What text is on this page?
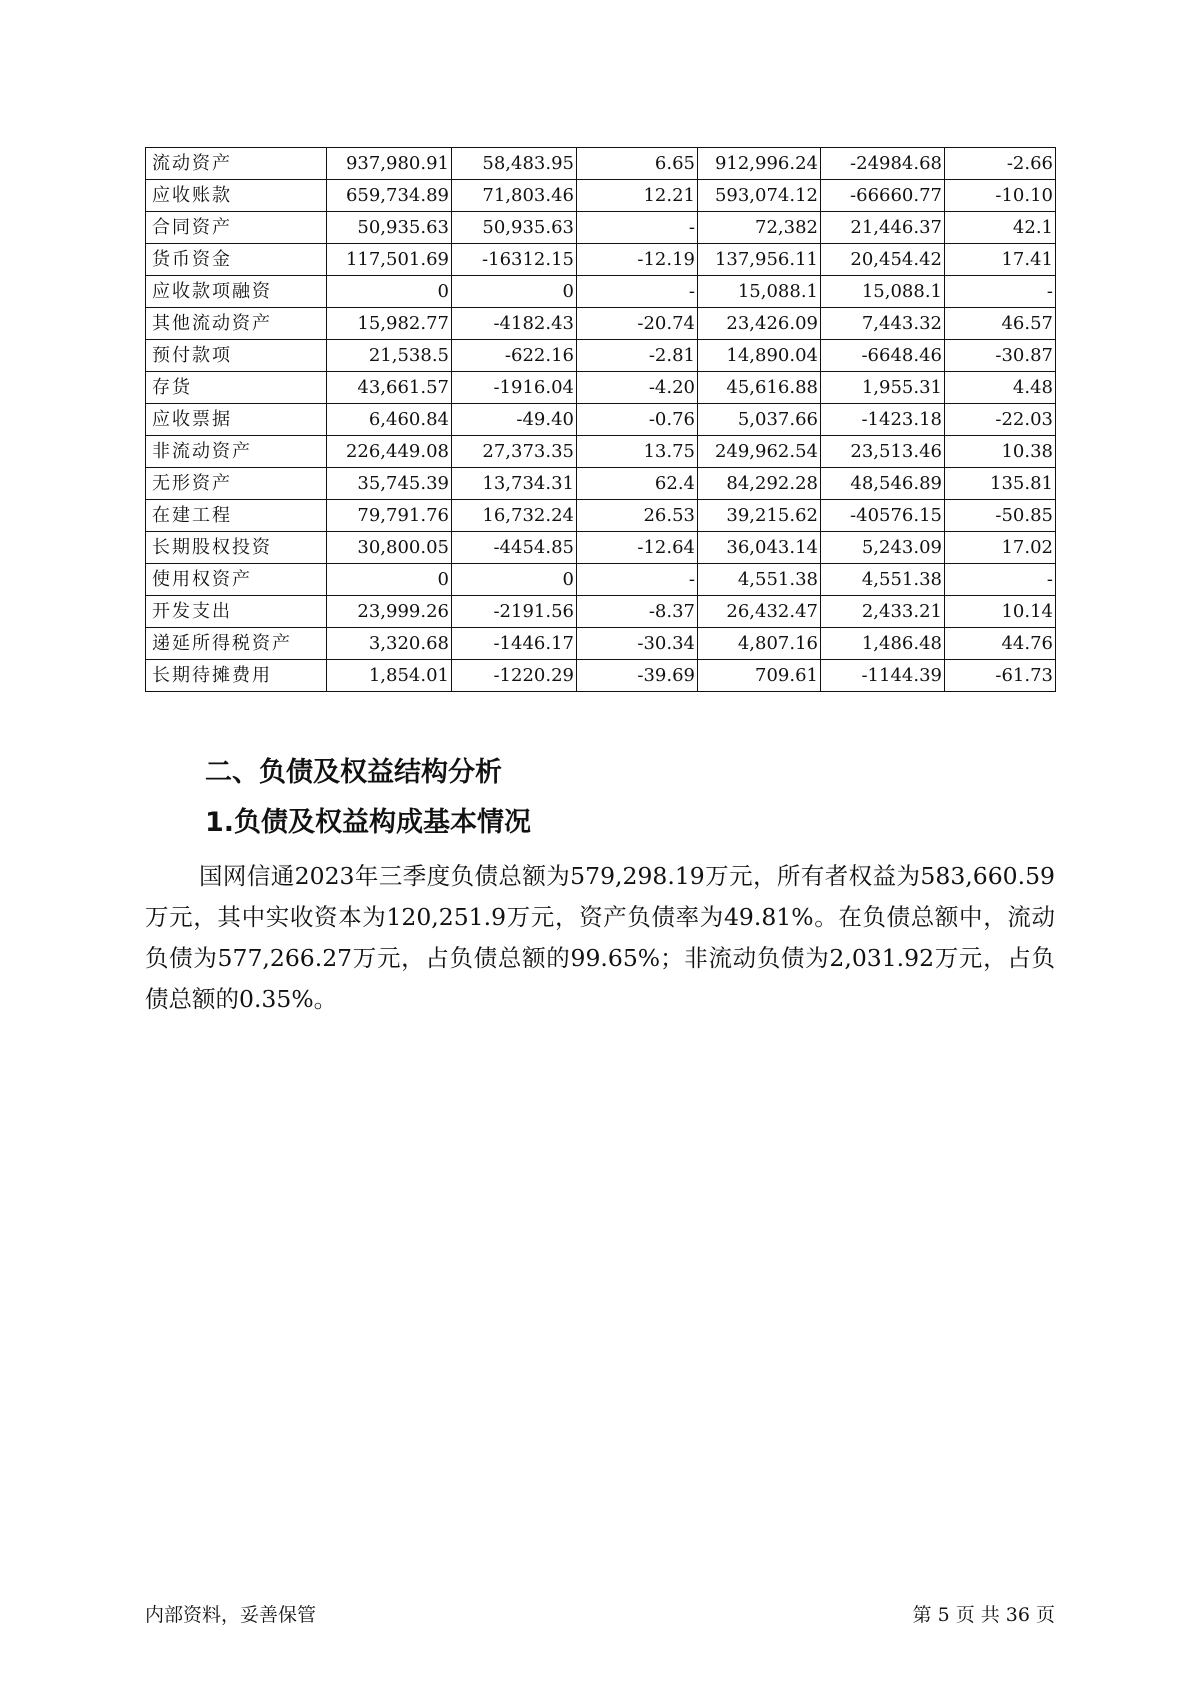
流动资产	937,980.91	58,483.95	6.65	912,996.24	-24984.68	-2.66
应收账款	659,734.89	71,803.46	12.21	593,074.12	-66660.77	-10.10
合同资产	50,935.63	50,935.63	-	72,382	21,446.37	42.1
货币资金	117,501.69	-16312.15	-12.19	137,956.11	20,454.42	17.41
应收款项融资	0	0	-	15,088.1	15,088.1	-
其他流动资产	15,982.77	-4182.43	-20.74	23,426.09	7,443.32	46.57
预付款项	21,538.5	-622.16	-2.81	14,890.04	-6648.46	-30.87
存货	43,661.57	-1916.04	-4.20	45,616.88	1,955.31	4.48
应收票据	6,460.84	-49.40	-0.76	5,037.66	-1423.18	-22.03
非流动资产	226,449.08	27,373.35	13.75	249,962.54	23,513.46	10.38
无形资产	35,745.39	13,734.31	62.4	84,292.28	48,546.89	135.81
在建工程	79,791.76	16,732.24	26.53	39,215.62	-40576.15	-50.85
长期股权投资	30,800.05	-4454.85	-12.64	36,043.14	5,243.09	17.02
使用权资产	0	0	-	4,551.38	4,551.38	-
开发支出	23,999.26	-2191.56	-8.37	26,432.47	2,433.21	10.14
递延所得税资产	3,320.68	-1446.17	-30.34	4,807.16	1,486.48	44.76
长期待摊费用	1,854.01	-1220.29	-39.69	709.61	-1144.39	-61.73
二、负债及权益结构分析
1.负债及权益构成基本情况

国网信通2023年三季度负债总额为579,298.19万元，所有者权益为583,660.59万元，其中实收资本为120,251.9万元，资产负债率为49.81%。在负债总额中，流动负债为577,266.27万元，占负债总额的99.65%；非流动负债为2,031.92万元，占负债总额的0.35%。

内部资料，妥善保管	第 5 页 共 36 页
